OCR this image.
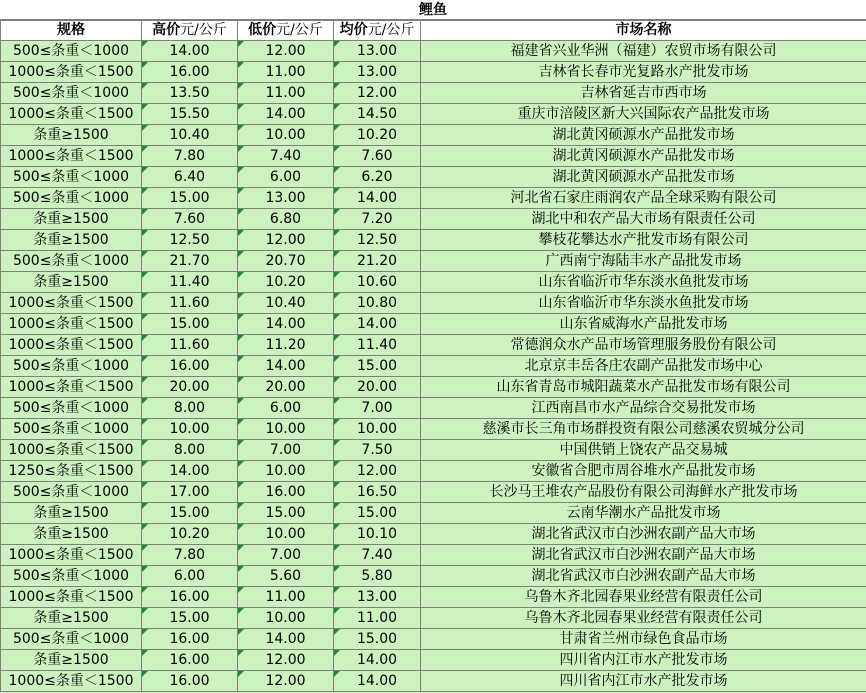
鲤鱼
规格	高价元/公斤	低价元/公斤	均价元/公斤	市场名称
500≤条重＜1000	14.00	12.00	13.00	福建省兴业华洲（福建）农贸市场有限公司
1000≤条重＜1500	16.00	11.00	13.00	吉林省长春市光复路水产批发市场
500≤条重＜1000	13.50	11.00	12.00	吉林省延吉市西市场
1000≤条重＜1500	15.50	14.00	14.50	重庆市涪陵区新大兴国际农产品批发市场
条重≥1500	10.40	10.00	10.20	湖北黄冈硕源水产品批发市场
1000≤条重＜1500	7.80	7.40	7.60	湖北黄冈硕源水产品批发市场
500≤条重＜1000	6.40	6.00	6.20	湖北黄冈硕源水产品批发市场
500≤条重＜1000	15.00	13.00	14.00	河北省石家庄雨润农产品全球采购有限公司
条重≥1500	7.60	6.80	7.20	湖北中和农产品大市场有限责任公司
条重≥1500	12.50	12.00	12.50	攀枝花攀达水产批发市场有限公司
500≤条重＜1000	21.70	20.70	21.20	广西南宁海陆丰水产品批发市场
条重≥1500	11.40	10.20	10.60	山东省临沂市华东淡水鱼批发市场
1000≤条重＜1500	11.60	10.40	10.80	山东省临沂市华东淡水鱼批发市场
1000≤条重＜1500	15.00	14.00	14.00	山东省威海水产品批发市场
1000≤条重＜1500	11.60	11.20	11.40	常德润众水产品市场管理服务股份有限公司
500≤条重＜1000	16.00	14.00	15.00	北京京丰岳各庄农副产品批发市场中心
1000≤条重＜1500	20.00	20.00	20.00	山东省青岛市城阳蔬菜水产品批发市场有限公司
500≤条重＜1000	8.00	6.00	7.00	江西南昌市水产品综合交易批发市场
500≤条重＜1000	10.00	10.00	10.00	慈溪市长三角市场群投资有限公司慈溪农贸城分公司
1000≤条重＜1500	8.00	7.00	7.50	中国供销上饶农产品交易城
1250≤条重＜1500	14.00	10.00	12.00	安徽省合肥市周谷堆水产品批发市场
500≤条重＜1000	17.00	16.00	16.50	长沙马王堆农产品股份有限公司海鲜水产批发市场
条重≥1500	15.00	15.00	15.00	云南华潮水产品批发市场
条重≥1500	10.20	10.00	10.10	湖北省武汉市白沙洲农副产品大市场
1000≤条重＜1500	7.80	7.00	7.40	湖北省武汉市白沙洲农副产品大市场
500≤条重＜1000	6.00	5.60	5.80	湖北省武汉市白沙洲农副产品大市场
1000≤条重＜1500	16.00	11.00	13.00	乌鲁木齐北园春果业经营有限责任公司
条重≥1500	15.00	10.00	11.00	乌鲁木齐北园春果业经营有限责任公司
500≤条重＜1000	16.00	14.00	15.00	甘肃省兰州市绿色食品市场
条重≥1500	16.00	12.00	14.00	四川省内江市水产批发市场
1000≤条重＜1500	16.00	12.00	14.00	四川省内江市水产批发市场
